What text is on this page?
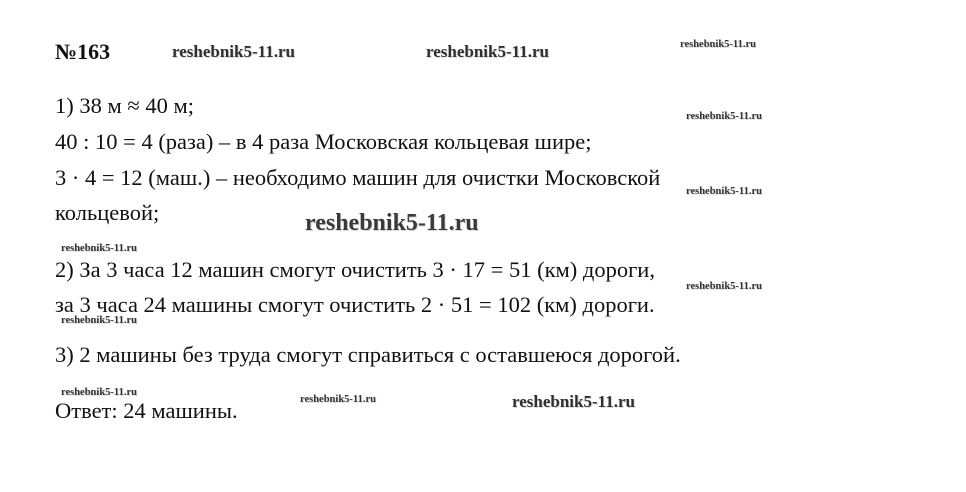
№163
1) 38 м ≈ 40 м;
40 : 10 = 4 (раза) – в 4 раза Московская кольцевая шире;
3 · 4 = 12 (маш.) – необходимо машин для очистки Московской
кольцевой;
2) За 3 часа 12 машин смогут очистить 3 · 17 = 51 (км) дороги,
за 3 часа 24 машины смогут очистить 2 · 51 = 102 (км) дороги.
3) 2 машины без труда смогут справиться с оставшеюся дорогой.
Ответ: 24 машины.
reshebnik5-11.ru	reshebnik5-11.ru	reshebnik5-11.ru
reshebnik5-11.ru
reshebnik5-11.ru
reshebnik5-11.ru
reshebnik5-11.ru
reshebnik5-11.ru
reshebnik5-11.ru
reshebnik5-11.ru
reshebnik5-11.ru	reshebnik5-11.ru
